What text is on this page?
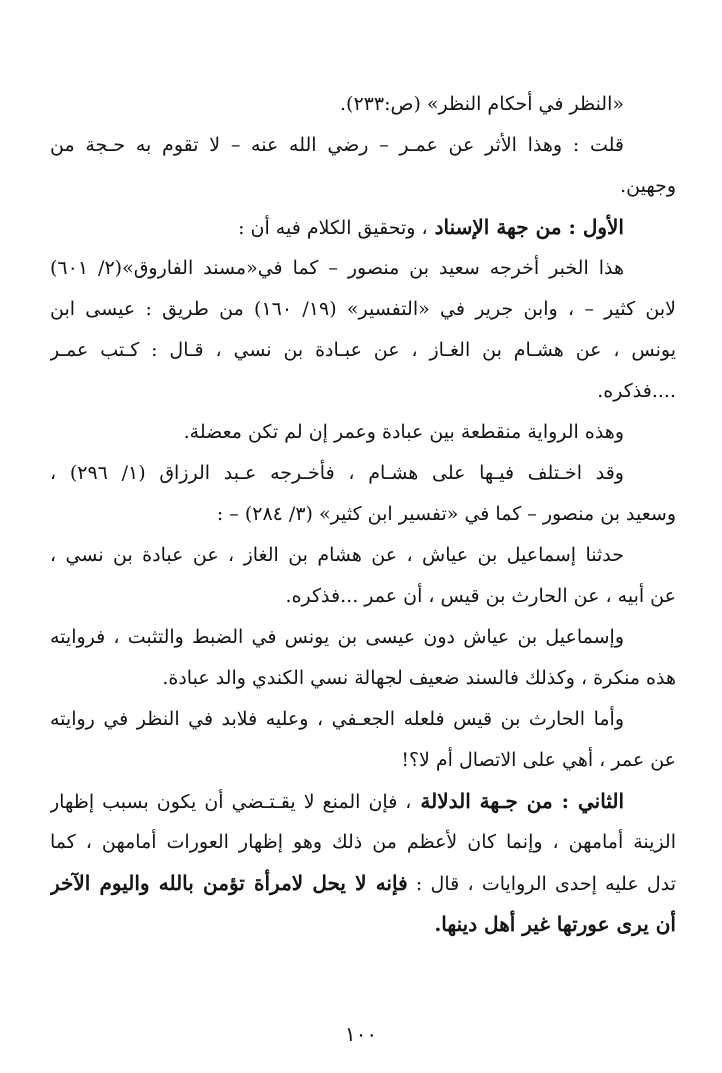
«النظر في أحكام النظر» (ص:٢٣٣).
قلت : وهذا الأثر عن عمـر – رضي الله عنه – لا تقوم به حـجة من
وجهين.
الأول : من جهة الإسناد ، وتحقيق الكلام فيه أن :
هذا الخبر أخرجه سعيد بن منصور – كما في«مسند الفاروق»(٢/ ٦٠١)
لابن كثير – ، وابن جرير في «التفسير» (١٩/ ١٦٠) من طريق : عيسى ابن
يونس ، عن هشـام بن الغـاز ، عن عبـادة بن نسي ، قـال : كـتب عمـر
....فذكره.
وهذه الرواية منقطعة بين عبادة وعمر إن لم تكن معضلة.
وقد اخـتلف فيـها على هشـام ، فأخـرجه عـبد الرزاق (١/ ٢٩٦) ،
وسعيد بن منصور – كما في «تفسير ابن كثير» (٣/ ٢٨٤) – :
حدثنا إسماعيل بن عياش ، عن هشام بن الغاز ، عن عبادة بن نسي ،
عن أبيه ، عن الحارث بن قيس ، أن عمر ...فذكره.
وإسماعيل بن عياش دون عيسى بن يونس في الضبط والتثبت ، فروايته
هذه منكرة ، وكذلك فالسند ضعيف لجهالة نسي الكندي والد عبادة.
وأما الحارث بن قيس فلعله الجعـفي ، وعليه فلابد في النظر في روايته
عن عمر ، أهي على الاتصال أم لا؟!
الثاني : من جـهة الدلالة ، فإن المنع لا يقـتـضي أن يكون بسبب إظهار
الزينة أمامهن ، وإنما كان لأعظم من ذلك وهو إظهار العورات أمامهن ، كما
تدل عليه إحدى الروايات ، قال : فإنه لا يحل لامرأة تؤمن بالله واليوم الآخر
أن يرى عورتها غير أهل دينها.
١٠٠
